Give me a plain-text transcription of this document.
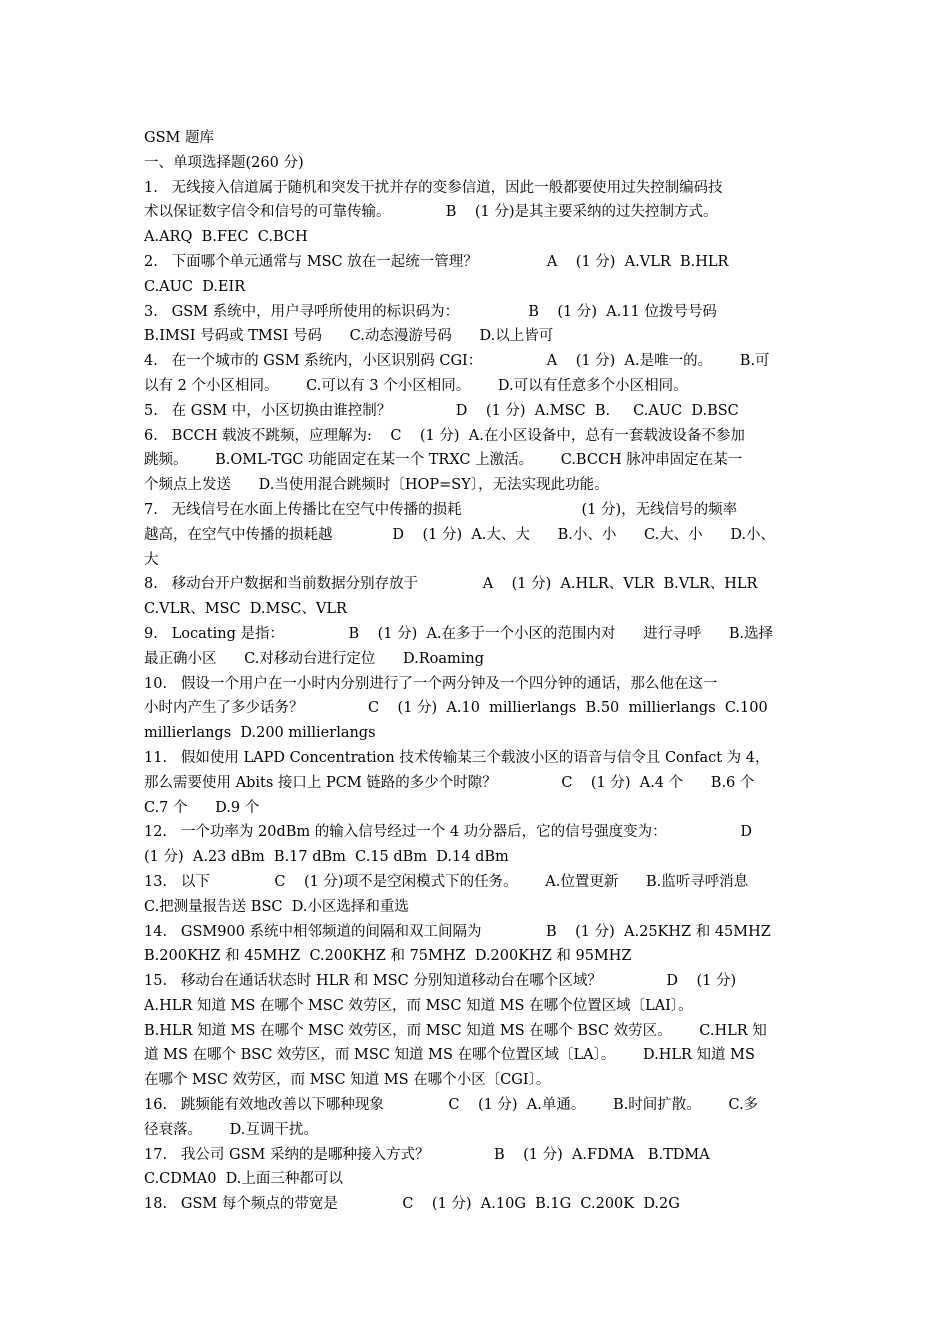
GSM 题库
一、单项选择题(260 分)
1.   无线接入信道属于随机和突发干扰并存的变参信道，因此一般都要使用过失控制编码技
术以保证数字信令和信号的可靠传输。            B    (1 分)是其主要采纳的过失控制方式。
A.ARQ  B.FEC  C.BCH
2.   下面哪个单元通常与 MSC 放在一起统一管理？               A    (1 分)  A.VLR  B.HLR
C.AUC  D.EIR
3.   GSM 系统中，用户寻呼所使用的标识码为：               B    (1 分)  A.11 位拨号号码
B.IMSI 号码或 TMSI 号码      C.动态漫游号码      D.以上皆可
4.   在一个城市的 GSM 系统内，小区识别码 CGI：              A    (1 分)  A.是唯一的。      B.可
以有 2 个小区相同。      C.可以有 3 个小区相同。      D.可以有任意多个小区相同。
5.   在 GSM 中，小区切换由谁控制？              D    (1 分)  A.MSC  B.     C.AUC  D.BSC
6.   BCCH 载波不跳频，应理解为:    C    (1 分)  A.在小区设备中，总有一套载波设备不参加
跳频。      B.OML-TGC 功能固定在某一个 TRXC 上激活。      C.BCCH 脉冲串固定在某一
个频点上发送      D.当使用混合跳频时〔HOP=SY〕，无法实现此功能。
7.   无线信号在水面上传播比在空气中传播的损耗                          (1 分)，无线信号的频率
越高，在空气中传播的损耗越             D    (1 分)  A.大、大      B.小、小      C.大、小      D.小、
大
8.   移动台开户数据和当前数据分别存放于              A    (1 分)  A.HLR、VLR  B.VLR、HLR
C.VLR、MSC  D.MSC、VLR
9.   Locating 是指：              B    (1 分)  A.在多于一个小区的范围内对      进行寻呼      B.选择
最正确小区      C.对移动台进行定位      D.Roaming
10.   假设一个用户在一小时内分别进行了一个两分钟及一个四分钟的通话，那么他在这一
小时内产生了多少话务？              C    (1 分)  A.10  millierlangs  B.50  millierlangs  C.100
millierlangs  D.200 millierlangs
11.   假如使用 LAPD Concentration 技术传输某三个载波小区的语音与信令且 Confact 为 4，
那么需要使用 Abits 接口上 PCM 链路的多少个时隙？              C    (1 分)  A.4 个      B.6 个
C.7 个      D.9 个
12.   一个功率为 20dBm 的输入信号经过一个 4 功分器后，它的信号强度变为：                D
(1 分)  A.23 dBm  B.17 dBm  C.15 dBm  D.14 dBm
13.   以下              C    (1 分)项不是空闲模式下的任务。      A.位置更新      B.监听寻呼消息
C.把测量报告送 BSC  D.小区选择和重选
14.   GSM900 系统中相邻频道的间隔和双工间隔为              B    (1 分)  A.25KHZ 和 45MHZ
B.200KHZ 和 45MHZ  C.200KHZ 和 75MHZ  D.200KHZ 和 95MHZ
15.   移动台在通话状态时 HLR 和 MSC 分别知道移动台在哪个区域？              D    (1 分)
A.HLR 知道 MS 在哪个 MSC 效劳区，而 MSC 知道 MS 在哪个位置区域〔LAI〕。
B.HLR 知道 MS 在哪个 MSC 效劳区，而 MSC 知道 MS 在哪个 BSC 效劳区。      C.HLR 知
道 MS 在哪个 BSC 效劳区，而 MSC 知道 MS 在哪个位置区域〔LA〕。      D.HLR 知道 MS
在哪个 MSC 效劳区，而 MSC 知道 MS 在哪个小区〔CGI〕。
16.   跳频能有效地改善以下哪种现象              C    (1 分)  A.单通。      B.时间扩散。      C.多
径衰落。      D.互调干扰。
17.   我公司 GSM 采纳的是哪种接入方式？              B    (1 分)  A.FDMA   B.TDMA
C.CDMA0  D.上面三种都可以
18.   GSM 每个频点的带宽是              C    (1 分)  A.10G  B.1G  C.200K  D.2G
